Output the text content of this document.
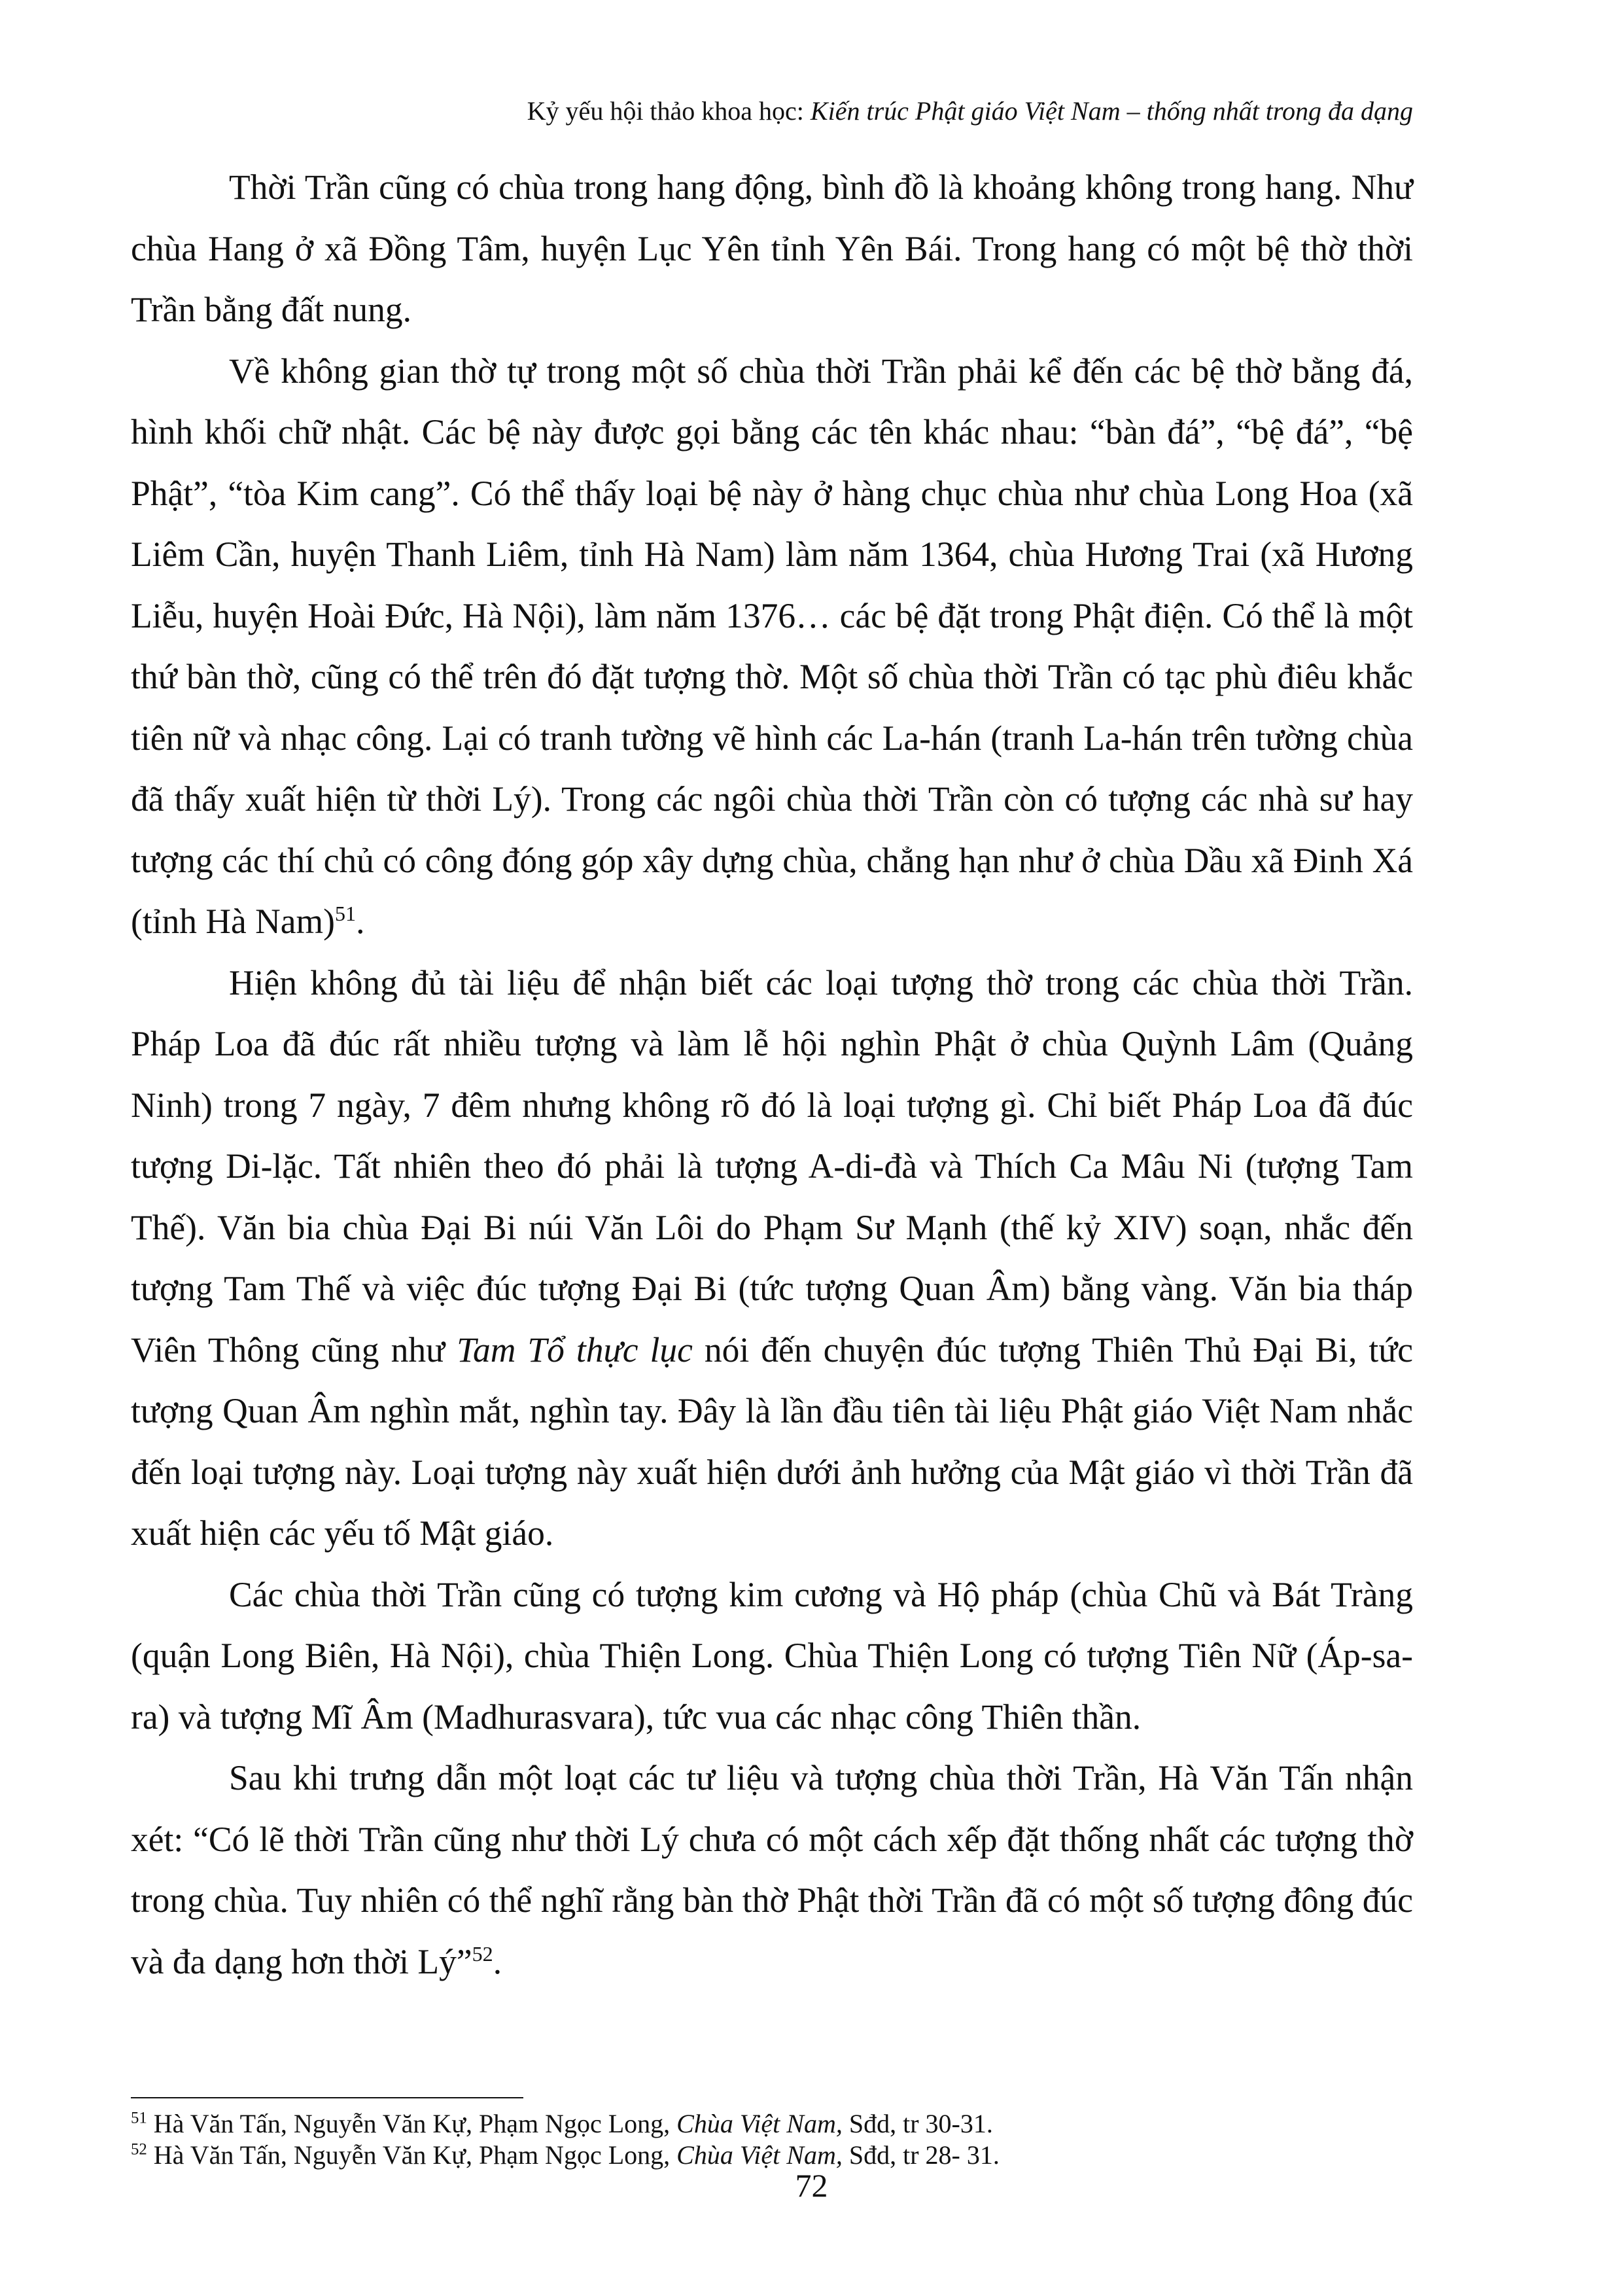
Kỷ yếu hội thảo khoa học: Kiến trúc Phật giáo Việt Nam – thống nhất trong đa dạng

Thời Trần cũng có chùa trong hang động, bình đồ là khoảng không trong hang. Như chùa Hang ở xã Đồng Tâm, huyện Lục Yên tỉnh Yên Bái. Trong hang có một bệ thờ thời Trần bằng đất nung.

Về không gian thờ tự trong một số chùa thời Trần phải kể đến các bệ thờ bằng đá, hình khối chữ nhật. Các bệ này được gọi bằng các tên khác nhau: “bàn đá”, “bệ đá”, “bệ Phật”, “tòa Kim cang”. Có thể thấy loại bệ này ở hàng chục chùa như chùa Long Hoa (xã Liêm Cần, huyện Thanh Liêm, tỉnh Hà Nam) làm năm 1364, chùa Hương Trai (xã Hương Liễu, huyện Hoài Đức, Hà Nội), làm năm 1376… các bệ đặt trong Phật điện. Có thể là một thứ bàn thờ, cũng có thể trên đó đặt tượng thờ. Một số chùa thời Trần có tạc phù điêu khắc tiên nữ và nhạc công. Lại có tranh tường vẽ hình các La-hán (tranh La-hán trên tường chùa đã thấy xuất hiện từ thời Lý). Trong các ngôi chùa thời Trần còn có tượng các nhà sư hay tượng các thí chủ có công đóng góp xây dựng chùa, chẳng hạn như ở chùa Dầu xã Đinh Xá (tỉnh Hà Nam)$^{51}$.

Hiện không đủ tài liệu để nhận biết các loại tượng thờ trong các chùa thời Trần. Pháp Loa đã đúc rất nhiều tượng và làm lễ hội nghìn Phật ở chùa Quỳnh Lâm (Quảng Ninh) trong 7 ngày, 7 đêm nhưng không rõ đó là loại tượng gì. Chỉ biết Pháp Loa đã đúc tượng Di-lặc. Tất nhiên theo đó phải là tượng A-di-đà và Thích Ca Mâu Ni (tượng Tam Thế). Văn bia chùa Đại Bi núi Văn Lôi do Phạm Sư Mạnh (thế kỷ XIV) soạn, nhắc đến tượng Tam Thế và việc đúc tượng Đại Bi (tức tượng Quan Âm) bằng vàng. Văn bia tháp Viên Thông cũng như Tam Tổ thực lục nói đến chuyện đúc tượng Thiên Thủ Đại Bi, tức tượng Quan Âm nghìn mắt, nghìn tay. Đây là lần đầu tiên tài liệu Phật giáo Việt Nam nhắc đến loại tượng này. Loại tượng này xuất hiện dưới ảnh hưởng của Mật giáo vì thời Trần đã xuất hiện các yếu tố Mật giáo.

Các chùa thời Trần cũng có tượng kim cương và Hộ pháp (chùa Chũ và Bát Tràng (quận Long Biên, Hà Nội), chùa Thiện Long. Chùa Thiện Long có tượng Tiên Nữ (Áp-sa-ra) và tượng Mĩ Âm (Madhurasvara), tức vua các nhạc công Thiên thần.

Sau khi trưng dẫn một loạt các tư liệu và tượng chùa thời Trần, Hà Văn Tấn nhận xét: “Có lẽ thời Trần cũng như thời Lý chưa có một cách xếp đặt thống nhất các tượng thờ trong chùa. Tuy nhiên có thể nghĩ rằng bàn thờ Phật thời Trần đã có một số tượng đông đúc và đa dạng hơn thời Lý”$^{52}$.

$^{51}$ Hà Văn Tấn, Nguyễn Văn Kự, Phạm Ngọc Long, Chùa Việt Nam, Sđd, tr 30-31.

$^{52}$ Hà Văn Tấn, Nguyễn Văn Kự, Phạm Ngọc Long, Chùa Việt Nam, Sđd, tr 28- 31.

72
